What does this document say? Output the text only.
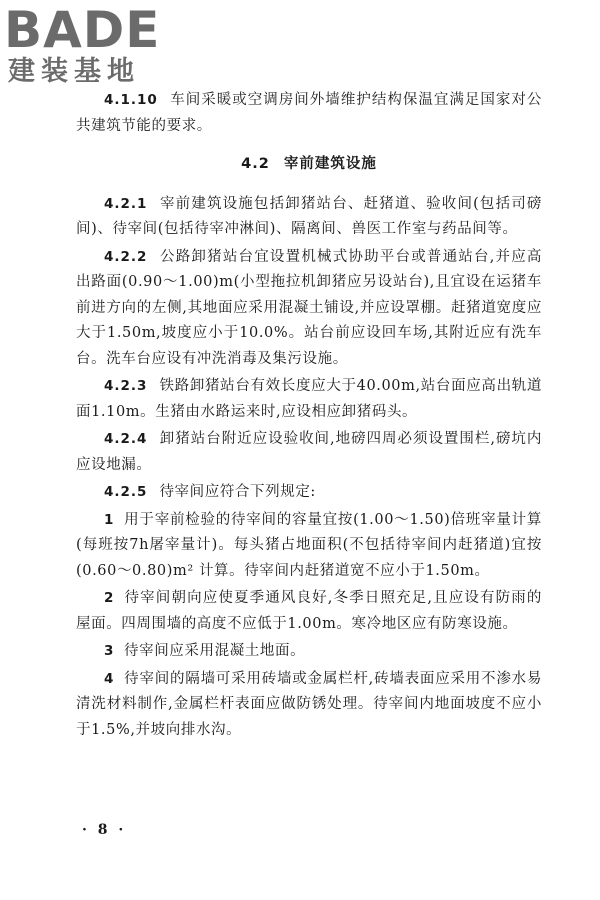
BADE
建装基地

4.1.10 车间采暖或空调房间外墙维护结构保温宜满足国家对公共建筑节能的要求。

4.2 宰前建筑设施

4.2.1 宰前建筑设施包括卸猪站台、赶猪道、验收间(包括司磅间)、待宰间(包括待宰冲淋间)、隔离间、兽医工作室与药品间等。

4.2.2 公路卸猪站台宜设置机械式协助平台或普通站台,并应高出路面(0.90～1.00)m(小型拖拉机卸猪应另设站台),且宜设在运猪车前进方向的左侧,其地面应采用混凝土铺设,并应设罩棚。赶猪道宽度应大于1.50m,坡度应小于10.0%。站台前应设回车场,其附近应有洗车台。洗车台应设有冲洗消毒及集污设施。

4.2.3 铁路卸猪站台有效长度应大于40.00m,站台面应高出轨道面1.10m。生猪由水路运来时,应设相应卸猪码头。

4.2.4 卸猪站台附近应设验收间,地磅四周必须设置围栏,磅坑内应设地漏。

4.2.5 待宰间应符合下列规定:

1 用于宰前检验的待宰间的容量宜按(1.00～1.50)倍班宰量计算(每班按7h屠宰量计)。每头猪占地面积(不包括待宰间内赶猪道)宜按(0.60～0.80)m² 计算。待宰间内赶猪道宽不应小于1.50m。

2 待宰间朝向应使夏季通风良好,冬季日照充足,且应设有防雨的屋面。四周围墙的高度不应低于1.00m。寒冷地区应有防寒设施。

3 待宰间应采用混凝土地面。

4 待宰间的隔墙可采用砖墙或金属栏杆,砖墙表面应采用不渗水易清洗材料制作,金属栏杆表面应做防锈处理。待宰间内地面坡度不应小于1.5%,并坡向排水沟。

· 8 ·
